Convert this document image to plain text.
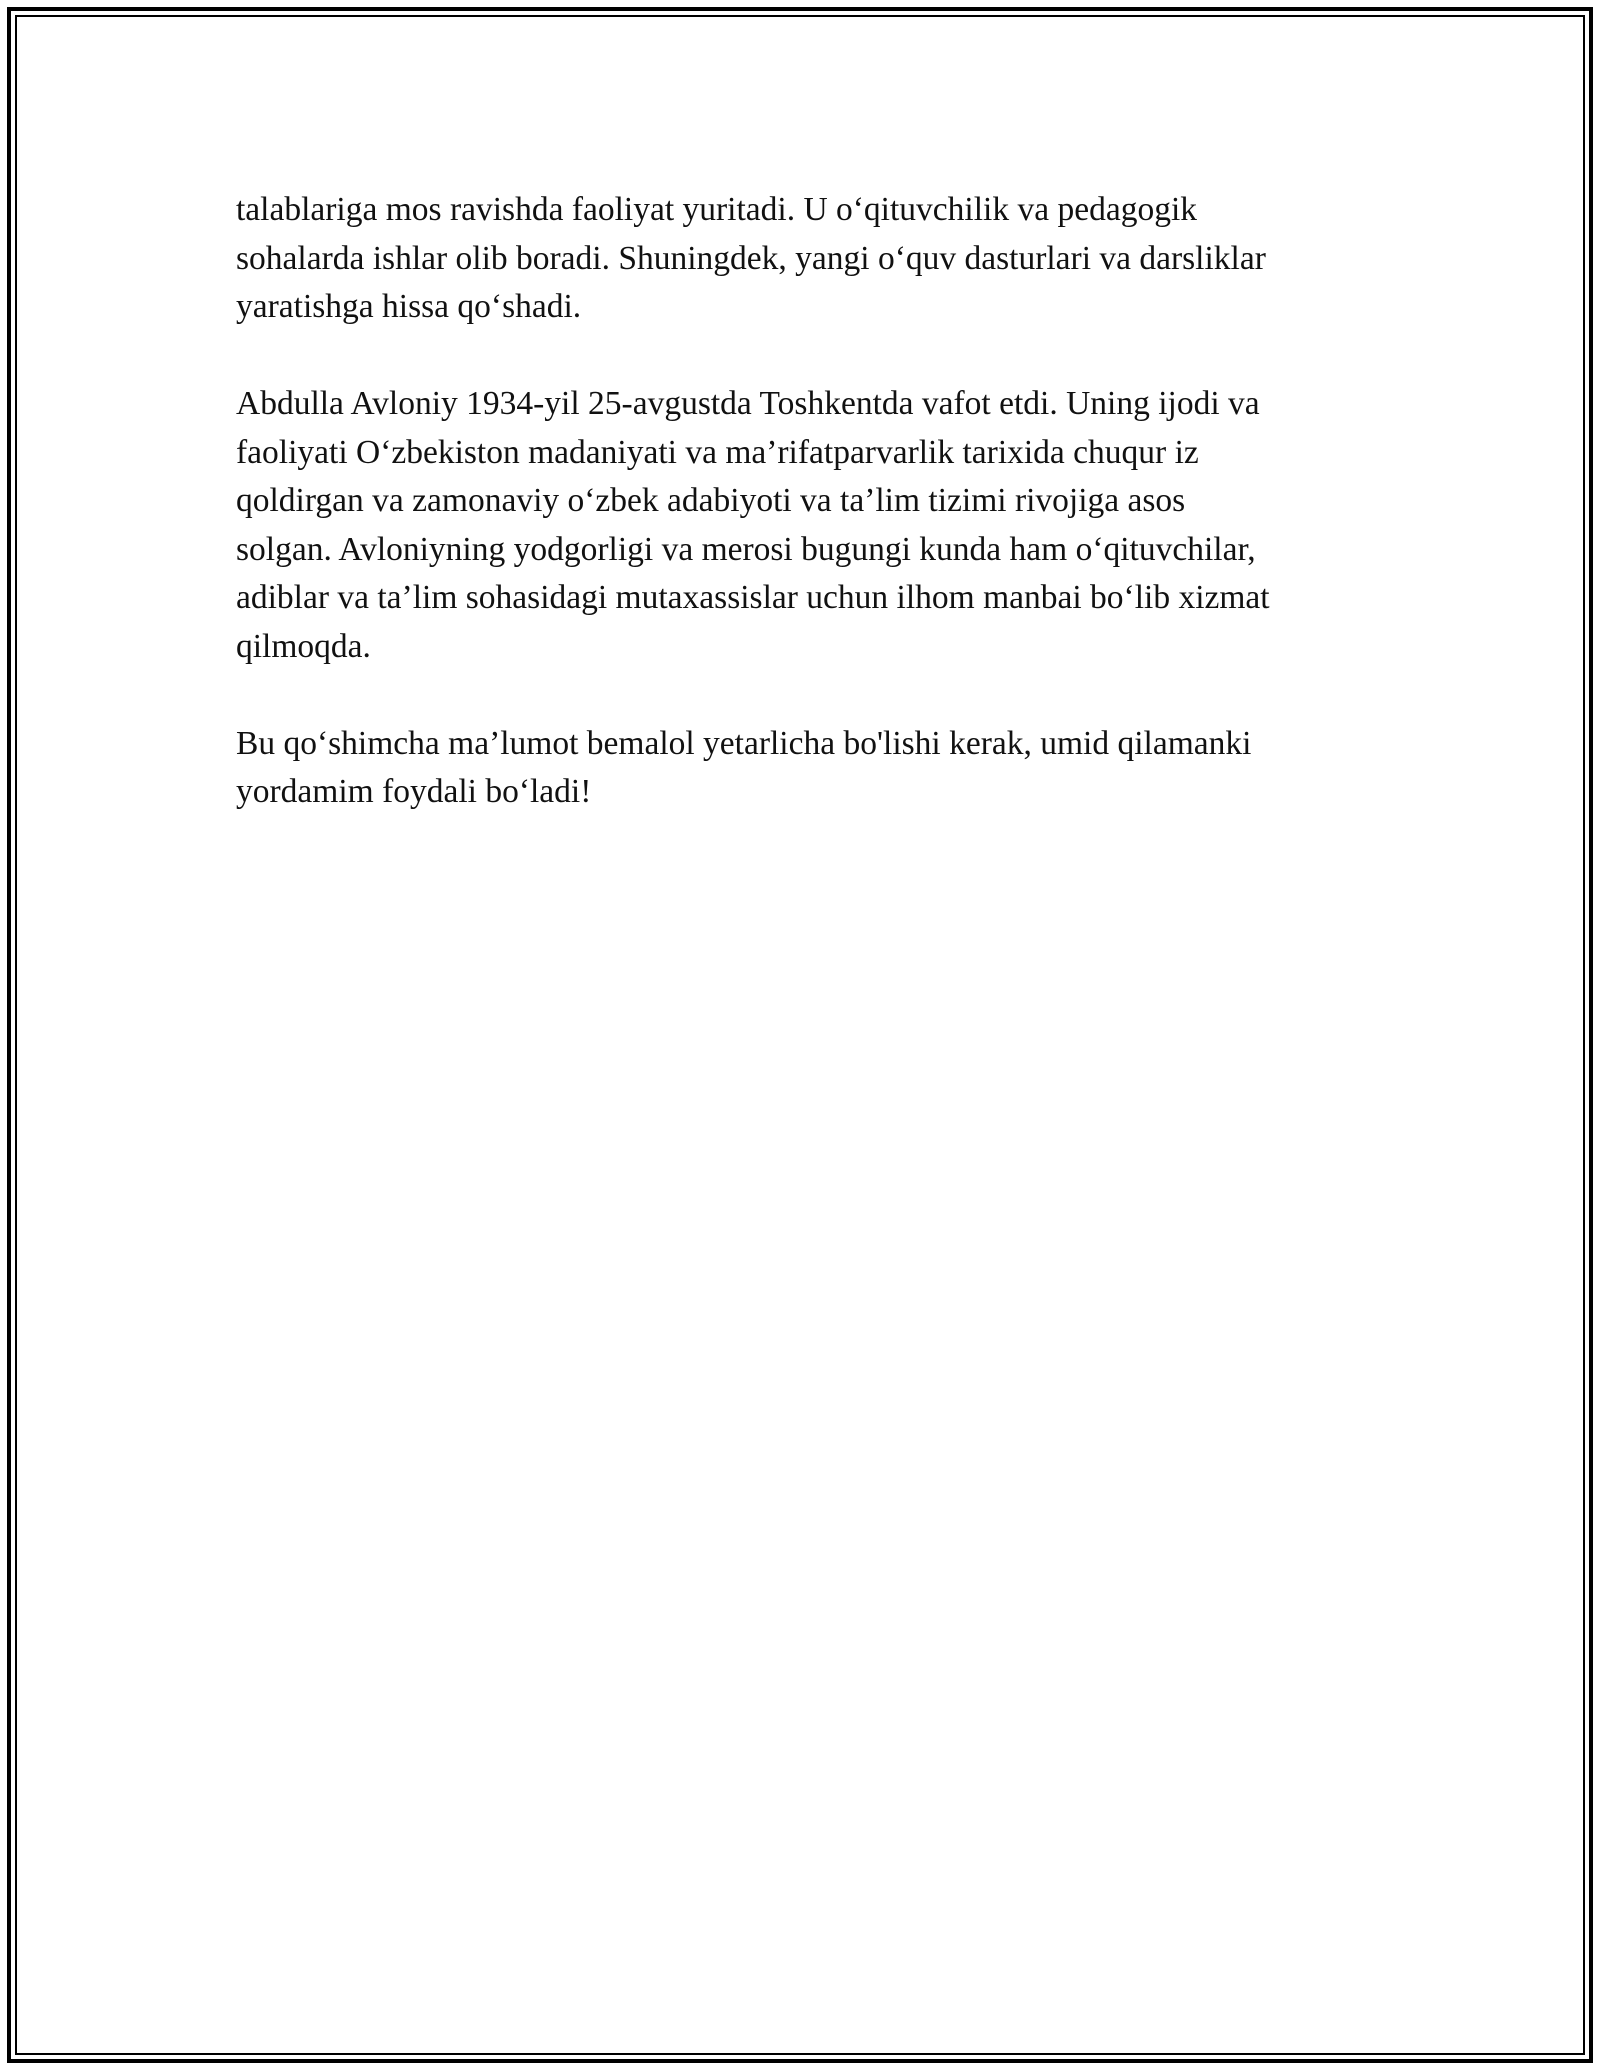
talablariga mos ravishda faoliyat yuritadi. U o‘qituvchilik va pedagogik
sohalarda ishlar olib boradi. Shuningdek, yangi o‘quv dasturlari va darsliklar
yaratishga hissa qo‘shadi.

Abdulla Avloniy 1934-yil 25-avgustda Toshkentda vafot etdi. Uning ijodi va
faoliyati O‘zbekiston madaniyati va ma’rifatparvarlik tarixida chuqur iz
qoldirgan va zamonaviy o‘zbek adabiyoti va ta’lim tizimi rivojiga asos
solgan. Avloniyning yodgorligi va merosi bugungi kunda ham o‘qituvchilar,
adiblar va ta’lim sohasidagi mutaxassislar uchun ilhom manbai bo‘lib xizmat
qilmoqda.

Bu qo‘shimcha ma’lumot bemalol yetarlicha bo'lishi kerak, umid qilamanki
yordamim foydali bo‘ladi!
